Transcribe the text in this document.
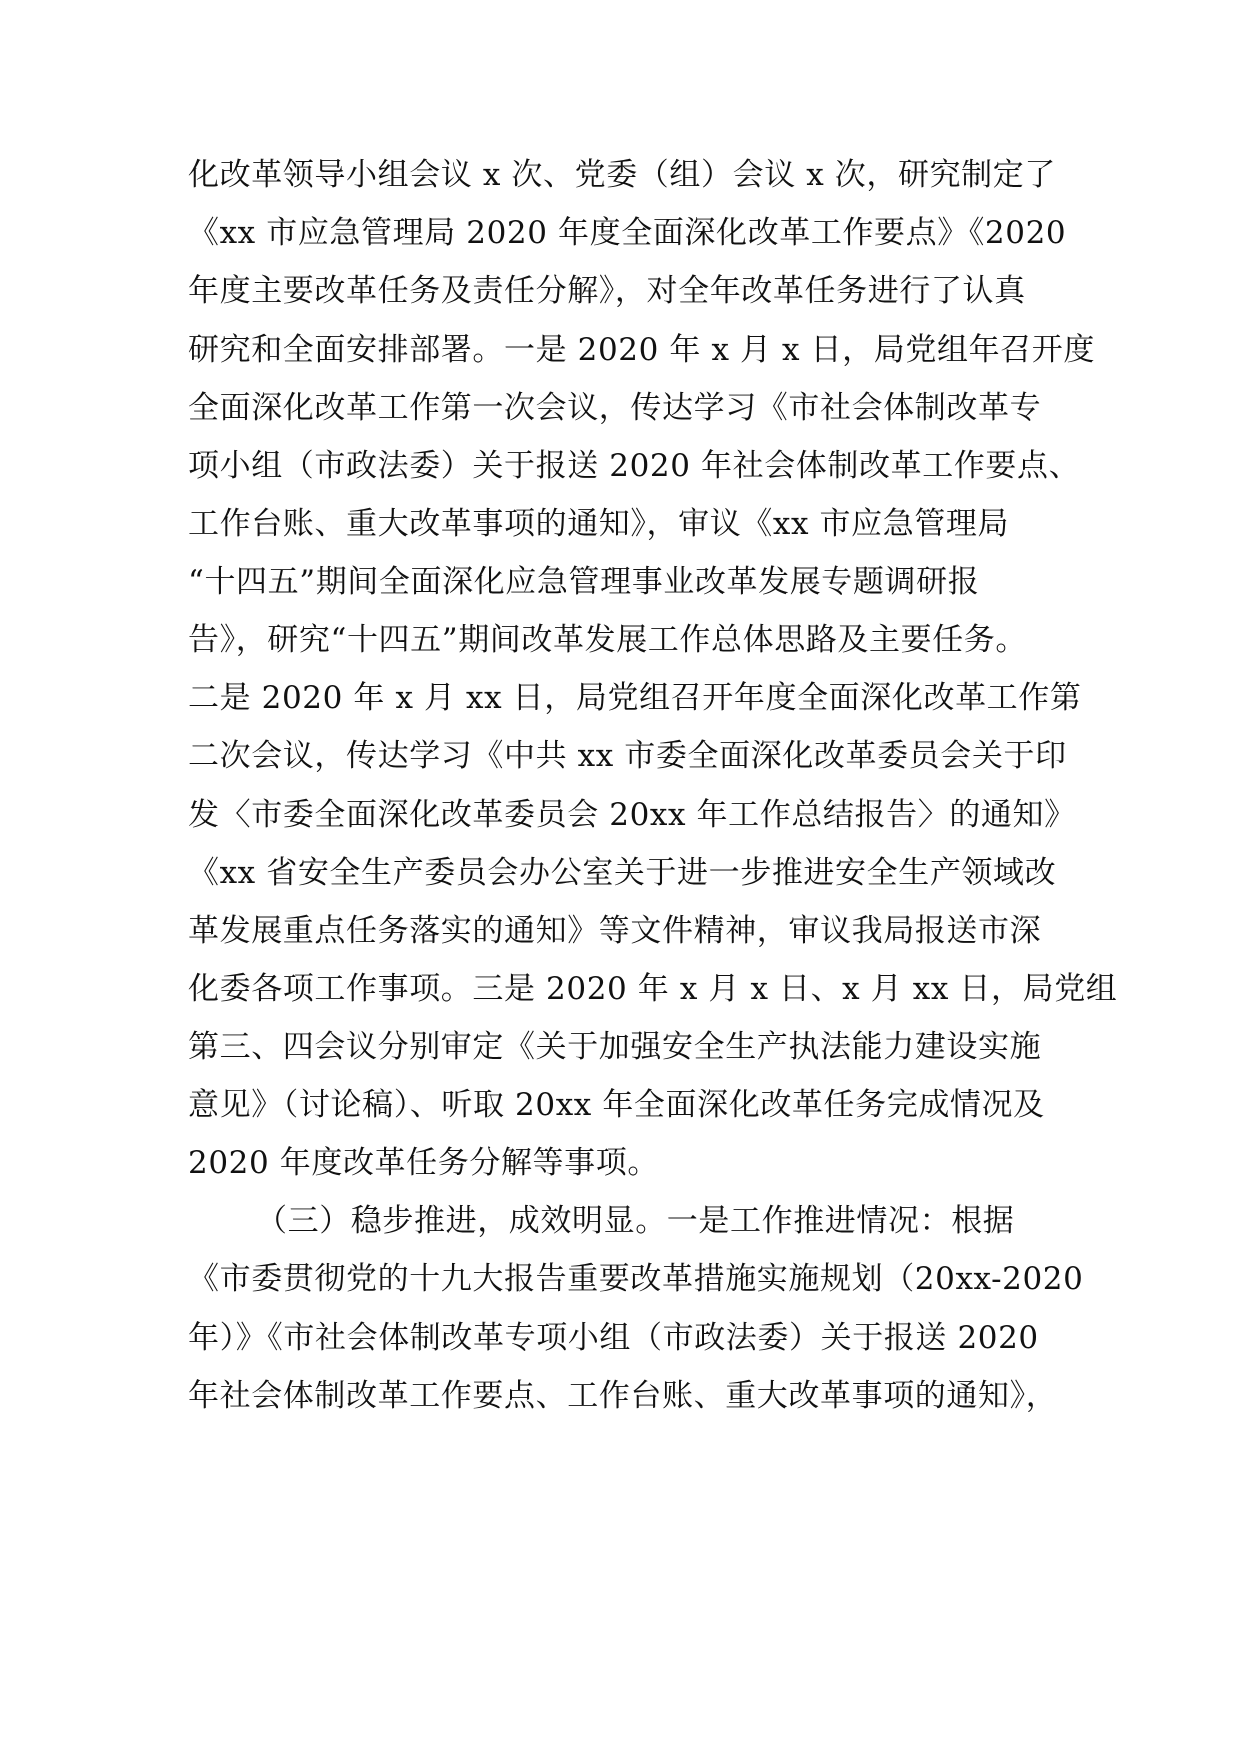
化改革领导小组会议 x 次、党委（组）会议 x 次，研究制定了
《xx 市应急管理局 2020 年度全面深化改革工作要点》《2020
年度主要改革任务及责任分解》，对全年改革任务进行了认真
研究和全面安排部署。一是 2020 年 x 月 x 日，局党组年召开度
全面深化改革工作第一次会议，传达学习《市社会体制改革专
项小组（市政法委）关于报送 2020 年社会体制改革工作要点、
工作台账、重大改革事项的通知》，审议《xx 市应急管理局
“十四五”期间全面深化应急管理事业改革发展专题调研报
告》，研究“十四五”期间改革发展工作总体思路及主要任务。
二是 2020 年 x 月 xx 日，局党组召开年度全面深化改革工作第
二次会议，传达学习《中共 xx 市委全面深化改革委员会关于印
发〈市委全面深化改革委员会 20xx 年工作总结报告〉的通知》
《xx 省安全生产委员会办公室关于进一步推进安全生产领域改
革发展重点任务落实的通知》等文件精神，审议我局报送市深
化委各项工作事项。三是 2020 年 x 月 x 日、x 月 xx 日，局党组
第三、四会议分别审定《关于加强安全生产执法能力建设实施
意见》（讨论稿）、听取 20xx 年全面深化改革任务完成情况及
2020 年度改革任务分解等事项。
（三）稳步推进，成效明显。一是工作推进情况：根据
《市委贯彻党的十九大报告重要改革措施实施规划（20xx-2020
年）》《市社会体制改革专项小组（市政法委）关于报送 2020
年社会体制改革工作要点、工作台账、重大改革事项的通知》，
